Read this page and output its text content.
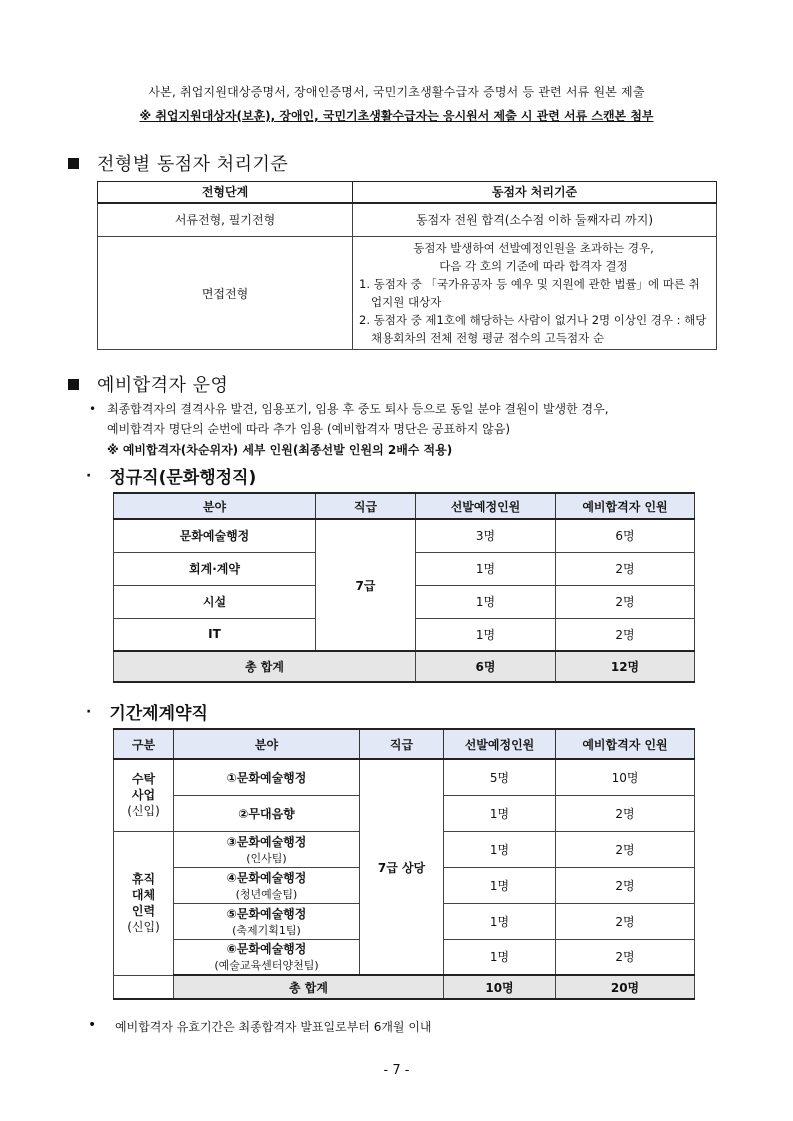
사본, 취업지원대상증명서, 장애인증명서, 국민기초생활수급자 증명서 등 관련 서류 원본 제출
※ 취업지원대상자(보훈), 장애인, 국민기초생활수급자는 응시원서 제출 시 관련 서류 스캔본 첨부
전형별 동점자 처리기준
전형단계	동점자 처리기준
서류전형, 필기전형	동점자 전원 합격(소수점 이하 둘째자리 까지)
면접전형	동점자 발생하여 선발예정인원을 초과하는 경우,
다음 각 호의 기준에 따라 합격자 결정
1. 동점자 중 「국가유공자 등 예우 및 지원에 관한 법률」에 따른 취업지원 대상자
2. 동점자 중 제1호에 해당하는 사람이 없거나 2명 이상인 경우 : 해당 채용회차의 전체 전형 평균 점수의 고득점자 순
예비합격자 운영
• 최종합격자의 결격사유 발견, 임용포기, 임용 후 중도 퇴사 등으로 동일 분야 결원이 발생한 경우,
예비합격자 명단의 순번에 따라 추가 임용 (예비합격자 명단은 공표하지 않음)
※ 예비합격자(차순위자) 세부 인원(최종선발 인원의 2배수 적용)
· 정규직(문화행정직)
분야	직급	선발예정인원	예비합격자 인원
문화예술행정	7급	3명	6명
회계·계약		1명	2명
시설		1명	2명
IT		1명	2명
총 합계		6명	12명
· 기간제계약직
구분	분야	직급	선발예정인원	예비합격자 인원
수탁
사업
(신입)	①문화예술행정	7급 상당	5명	10명
	②무대음향		1명	2명
휴직
대체
인력
(신입)	③문화예술행정
(인사팀)		1명	2명
	④문화예술행정
(청년예술팀)		1명	2명
	⑤문화예술행정
(축제기획1팀)		1명	2명
	⑥문화예술행정
(예술교육센터양천팀)		1명	2명
	총 합계		10명	20명
• 예비합격자 유효기간은 최종합격자 발표일로부터 6개월 이내
- 7 -
